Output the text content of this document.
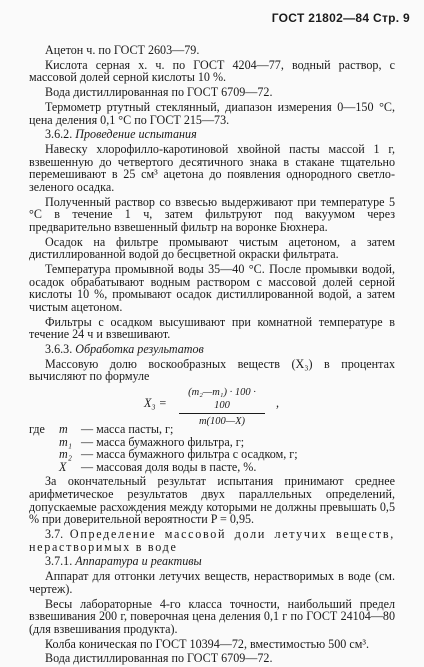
ГОСТ 21802—84 Стр. 9

Ацетон ч. по ГОСТ 2603—79.

Кислота серная х. ч. по ГОСТ 4204—77, водный раствор, с массовой долей серной кислоты 10 %.

Вода дистиллированная по ГОСТ 6709—72.

Термометр ртутный стеклянный, диапазон измерения 0—150 °С, цена деления 0,1 °С по ГОСТ 215—73.

3.6.2. Проведение испытания

Навеску хлорофилло-каротиновой хвойной пасты массой 1 г, взвешенную до четвертого десятичного знака в стакане тщательно перемешивают в 25 см³ ацетона до появления однородного светло-зеленого осадка.

Полученный раствор со взвесью выдерживают при температуре 5 °С в течение 1 ч, затем фильтруют под вакуумом через предварительно взвешенный фильтр на воронке Бюхнера.

Осадок на фильтре промывают чистым ацетоном, а затем дистиллированной водой до бесцветной окраски фильтрата.

Температура промывной воды 35—40 °С. После промывки водой, осадок обрабатывают водным раствором с массовой долей серной кислоты 10 %, промывают осадок дистиллированной водой, а затем чистым ацетоном.

Фильтры с осадком высушивают при комнатной температуре в течение 24 ч и взвешивают.

3.6.3. Обработка результатов

Массовую долю воскообразных веществ (X₃) в процентах вычисляют по формуле

$X_3 = \frac{\text{(m₂—m₁) · 100 · 100}}{m(100—X)}$ ,
где m — масса пасты, г;
m₁ — масса бумажного фильтра, г;
m₂ — масса бумажного фильтра с осадком, г;
X — массовая доля воды в пасте, %.

За окончательный результат испытания принимают среднее арифметическое результатов двух параллельных определений, допускаемые расхождения между которыми не должны превышать 0,5 % при доверительной вероятности P = 0,95.

3.7. Определение массовой доли летучих веществ, нерастворимых в воде

3.7.1. Аппаратура и реактивы

Аппарат для отгонки летучих веществ, нерастворимых в воде (см. чертеж).

Весы лабораторные 4-го класса точности, наибольший предел взвешивания 200 г, поверочная цена деления 0,1 г по ГОСТ 24104—80 (для взвешивания продукта).

Колба коническая по ГОСТ 10394—72, вместимостью 500 см³.

Вода дистиллированная по ГОСТ 6709—72.
